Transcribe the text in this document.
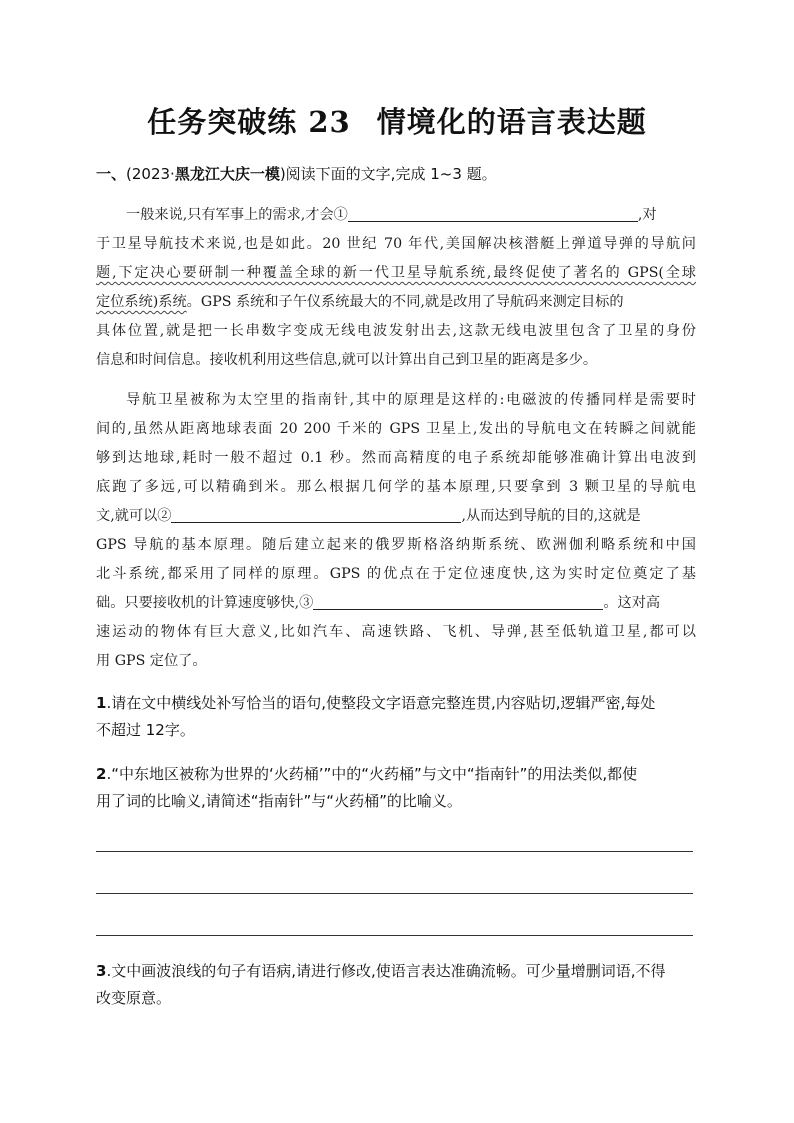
任务突破练 23 情境化的语言表达题
一、(2023·黑龙江大庆一模)阅读下面的文字,完成 1~3 题。
一般来说,只有军事上的需求,才会①	,对
于卫星导航技术来说,也是如此。20 世纪 70 年代,美国解决核潜艇上弹道导弹的导航问
题,下定决心要研制一种覆盖全球的新一代卫星导航系统,最终促使了著名的 GPS(全球
定位系统)系统。GPS 系统和子午仪系统最大的不同,就是改用了导航码来测定目标的
具体位置,就是把一长串数字变成无线电波发射出去,这款无线电波里包含了卫星的身份
信息和时间信息。接收机利用这些信息,就可以计算出自己到卫星的距离是多少。
导航卫星被称为太空里的指南针,其中的原理是这样的:电磁波的传播同样是需要时
间的,虽然从距离地球表面 20 200 千米的 GPS 卫星上,发出的导航电文在转瞬之间就能
够到达地球,耗时一般不超过 0.1 秒。然而高精度的电子系统却能够准确计算出电波到
底跑了多远,可以精确到米。那么根据几何学的基本原理,只要拿到 3 颗卫星的导航电
文,就可以②	,从而达到导航的目的,这就是
GPS 导航的基本原理。随后建立起来的俄罗斯格洛纳斯系统、欧洲伽利略系统和中国
北斗系统,都采用了同样的原理。GPS 的优点在于定位速度快,这为实时定位奠定了基
础。只要接收机的计算速度够快,③	。这对高
速运动的物体有巨大意义,比如汽车、高速铁路、飞机、导弹,甚至低轨道卫星,都可以
用 GPS 定位了。
1.请在文中横线处补写恰当的语句,使整段文字语意完整连贯,内容贴切,逻辑严密,每处
不超过 12字。
2.“中东地区被称为世界的‘火药桶’”中的“火药桶”与文中“指南针”的用法类似,都使
用了词的比喻义,请简述“指南针”与“火药桶”的比喻义。
3.文中画波浪线的句子有语病,请进行修改,使语言表达准确流畅。可少量增删词语,不得
改变原意。
